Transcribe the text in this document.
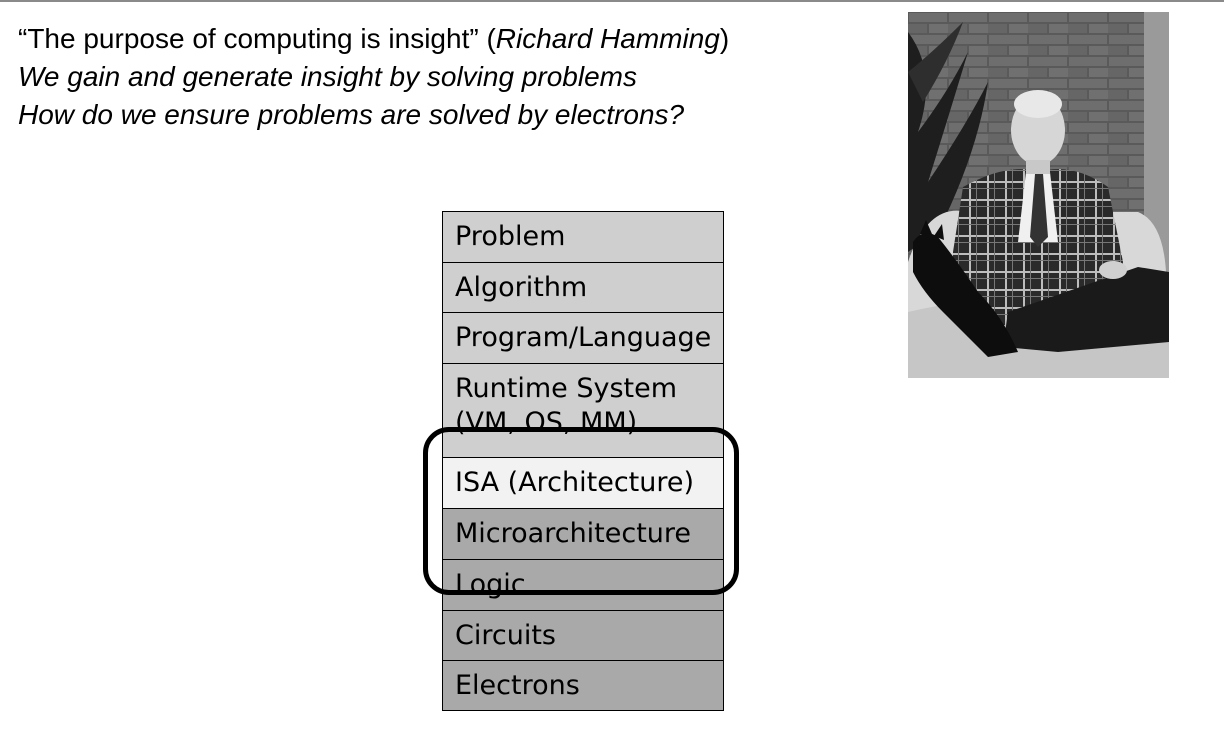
“The purpose of computing is insight” (Richard Hamming)
We gain and generate insight by solving problems
How do we ensure problems are solved by electrons?
Problem
Algorithm
Program/Language
Runtime System
(VM, OS, MM)
ISA (Architecture)
Microarchitecture
Logic
Circuits
Electrons
